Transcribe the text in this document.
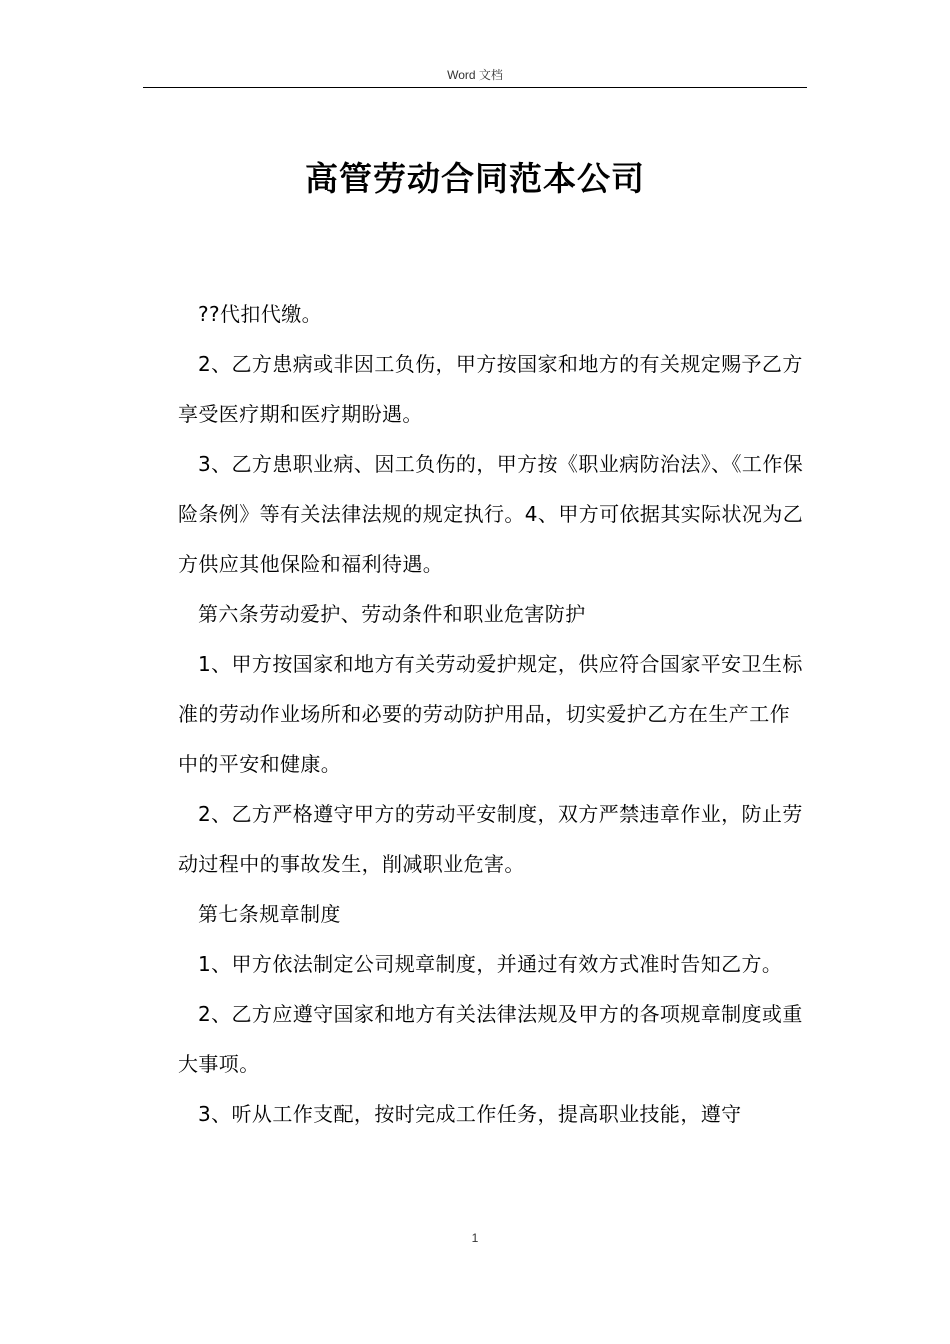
Word 文档
高管劳动合同范本公司

??代扣代缴。

2、乙方患病或非因工负伤，甲方按国家和地方的有关规定赐予乙方享受医疗期和医疗期盼遇。

3、乙方患职业病、因工负伤的，甲方按《职业病防治法》、《工作保险条例》等有关法律法规的规定执行。4、甲方可依据其实际状况为乙方供应其他保险和福利待遇。

第六条劳动爱护、劳动条件和职业危害防护

1、甲方按国家和地方有关劳动爱护规定，供应符合国家平安卫生标准的劳动作业场所和必要的劳动防护用品，切实爱护乙方在生产工作中的平安和健康。

2、乙方严格遵守甲方的劳动平安制度，双方严禁违章作业，防止劳动过程中的事故发生，削减职业危害。

第七条规章制度

1、甲方依法制定公司规章制度，并通过有效方式准时告知乙方。

2、乙方应遵守国家和地方有关法律法规及甲方的各项规章制度或重大事项。

3、听从工作支配，按时完成工作任务，提高职业技能，遵守

1
